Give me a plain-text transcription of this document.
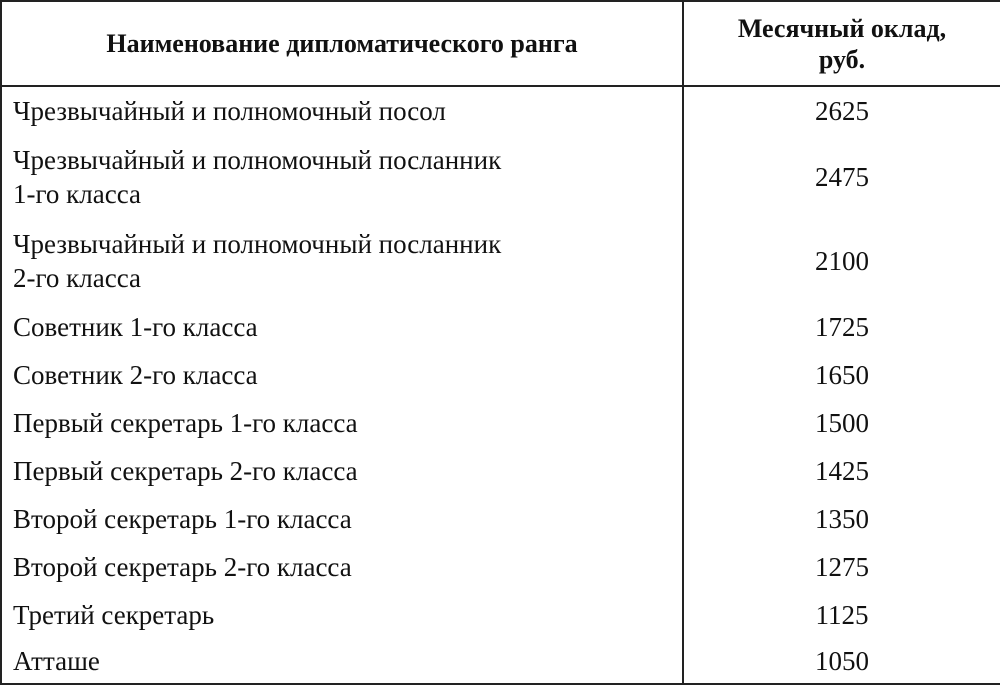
Наименование дипломатического ранга	Месячный оклад,
руб.

Чрезвычайный и полномочный посол	2625

Чрезвычайный и полномочный посланник
1-го класса	2475

Чрезвычайный и полномочный посланник
2-го класса	2100

Советник 1-го класса	1725

Советник 2-го класса	1650

Первый секретарь 1-го класса	1500

Первый секретарь 2-го класса	1425

Второй секретарь 1-го класса	1350

Второй секретарь 2-го класса	1275

Третий секретарь	1125

Атташе	1050
